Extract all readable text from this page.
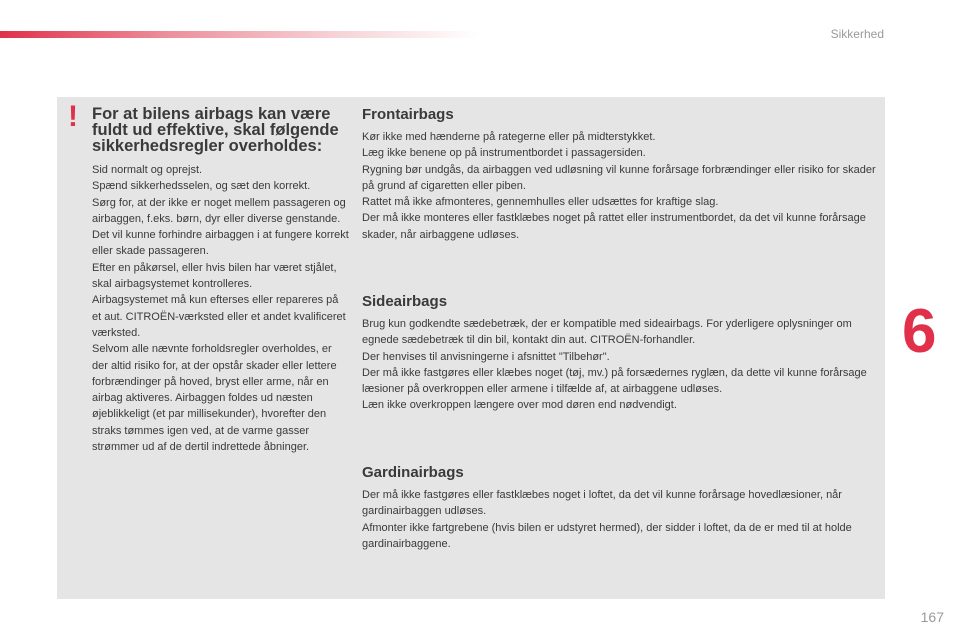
Sikkerhed
! For at bilens airbags kan være fuldt ud effektive, skal følgende sikkerhedsregler overholdes:
Sid normalt og oprejst.
Spænd sikkerhedsselen, og sæt den korrekt.
Sørg for, at der ikke er noget mellem passageren og airbaggen, f.eks. børn, dyr eller diverse genstande. Det vil kunne forhindre airbaggen i at fungere korrekt eller skade passageren.
Efter en påkørsel, eller hvis bilen har været stjålet, skal airbagsystemet kontrolleres.
Airbagsystemet må kun efterses eller repareres på et aut. CITROËN-værksted eller et andet kvalificeret værksted.
Selvom alle nævnte forholdsregler overholdes, er der altid risiko for, at der opstår skader eller lettere forbrændinger på hoved, bryst eller arme, når en airbag aktiveres. Airbaggen foldes ud næsten øjeblikkeligt (et par millisekunder), hvorefter den straks tømmes igen ved, at de varme gasser strømmer ud af de dertil indrettede åbninger.
Frontairbags
Kør ikke med hænderne på rategerne eller på midterstykket.
Læg ikke benene op på instrumentbordet i passagersiden.
Rygning bør undgås, da airbaggen ved udløsning vil kunne forårsage forbrændinger eller risiko for skader på grund af cigaretten eller piben.
Rattet må ikke afmonteres, gennemhulles eller udsættes for kraftige slag.
Der må ikke monteres eller fastklæbes noget på rattet eller instrumentbordet, da det vil kunne forårsage skader, når airbaggene udløses.
Sideairbags
Brug kun godkendte sædebetræk, der er kompatible med sideairbags. For yderligere oplysninger om egnede sædebetræk til din bil, kontakt din aut. CITROËN-forhandler.
Der henvises til anvisningerne i afsnittet "Tilbehør".
Der må ikke fastgøres eller klæbes noget (tøj, mv.) på forsædernes ryglæn, da dette vil kunne forårsage læsioner på overkroppen eller armene i tilfælde af, at airbaggene udløses.
Læn ikke overkroppen længere over mod døren end nødvendigt.
Gardinairbags
Der må ikke fastgøres eller fastklæbes noget i loftet, da det vil kunne forårsage hovedlæsioner, når gardinairbaggen udløses.
Afmonter ikke fartgrebene (hvis bilen er udstyret hermed), der sidder i loftet, da de er med til at holde gardinairbaggene.
6
167
